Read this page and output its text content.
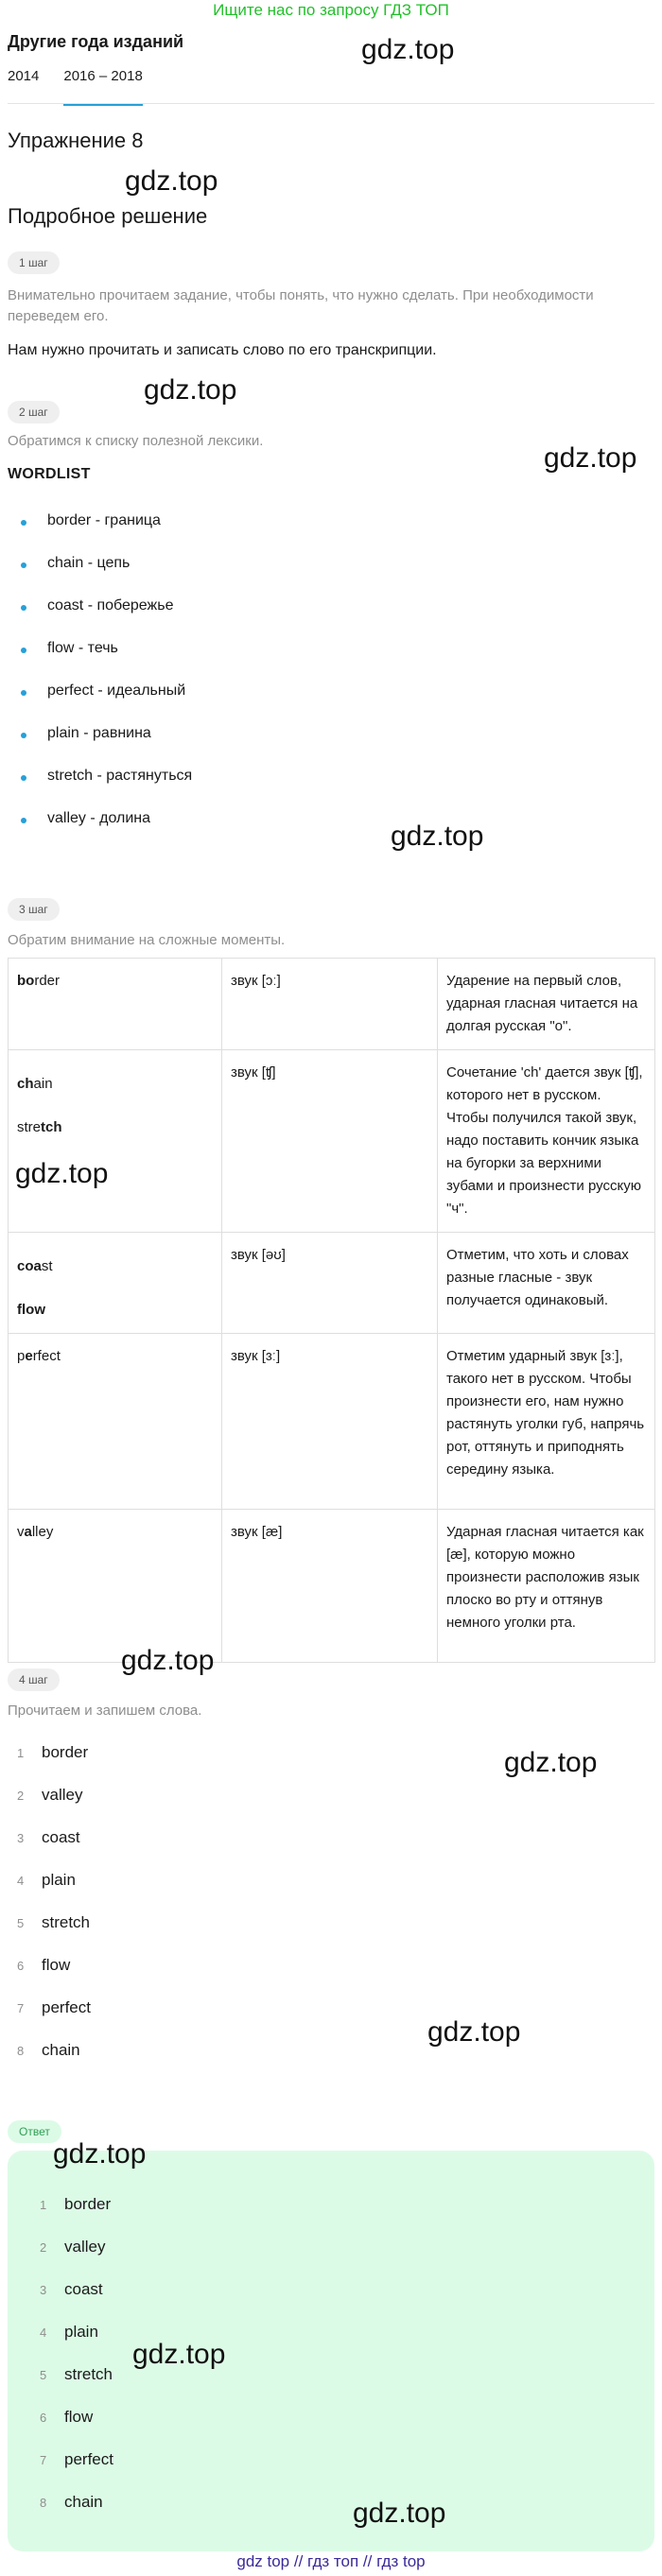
Ищите нас по запросу ГДЗ ТОП
Другие года изданий
2014 2016 – 2018
Упражнение 8
Подробное решение
1 шаг
Внимательно прочитаем задание, чтобы понять, что нужно сделать. При необходимости переведем его.
Нам нужно прочитать и записать слово по его транскрипции.
2 шаг
Обратимся к списку полезной лексики.
WORDLIST
border - граница
chain - цепь
coast - побережье
flow - течь
perfect - идеальный
plain - равнина
stretch - растянуться
valley - долина
3 шаг
Обратим внимание на сложные моменты.
border	звук [ɔː]	Ударение на первый слов, ударная гласная читается на долгая русская "о".

chain
stretch	звук [ʧ]	Сочетание 'ch' дается звук [ʧ], которого нет в русском. Чтобы получился такой звук, надо поставить кончик языка на бугорки за верхними зубами и произнести русскую "ч".

coast
flow	звук [əʊ]	Отметим, что хоть и словах разные гласные - звук получается одинаковый.

perfect	звук [ɜː]	Отметим ударный звук [ɜː], такого нет в русском. Чтобы произнести его, нам нужно растянуть уголки губ, напрячь рот, оттянуть и приподнять середину языка.

valley	звук [æ]	Ударная гласная читается как [æ], которую можно произнести расположив язык плоско во рту и оттянув немного уголки рта.
4 шаг
Прочитаем и запишем слова.
1	border
2	valley
3	coast
4	plain
5	stretch
6	flow
7	perfect
8	chain
Ответ
1	border
2	valley
3	coast
4	plain
5	stretch
6	flow
7	perfect
8	chain
gdz.top
gdz.top
gdz.top
gdz.top
gdz.top
gdz.top
gdz.top
gdz.top
gdz.top
gdz.top
gdz.top
gdz.top
gdz top // гдз топ // гдз top
